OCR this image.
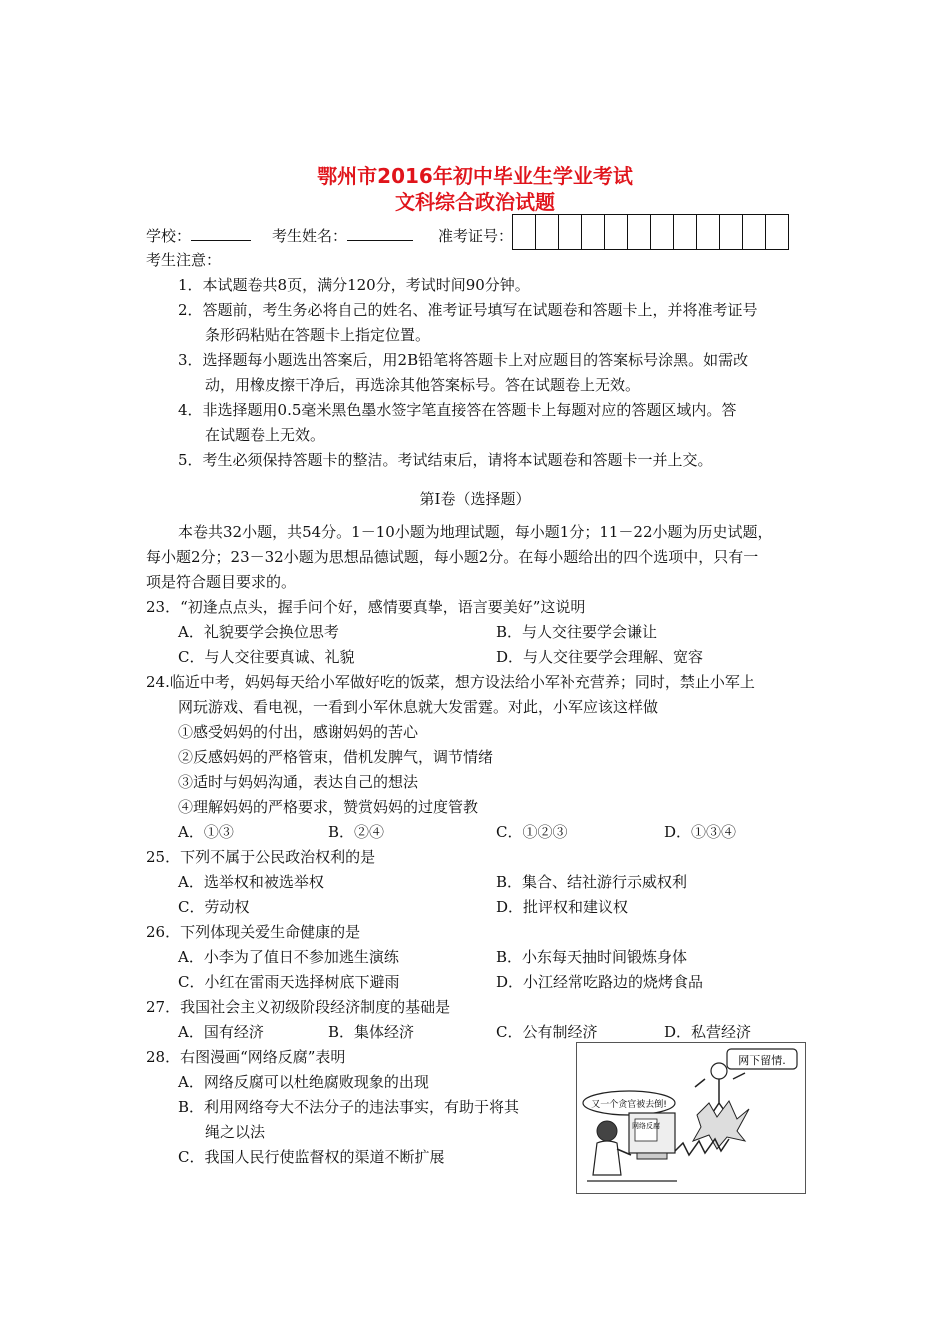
鄂州市2016年初中毕业生学业考试
文科综合政治试题
学校：	考生姓名：	准考证号：
考生注意：
1．本试题卷共8页，满分120分，考试时间90分钟。
2．答题前，考生务必将自己的姓名、准考证号填写在试题卷和答题卡上，并将准考证号
条形码粘贴在答题卡上指定位置。
3．选择题每小题选出答案后，用2B铅笔将答题卡上对应题目的答案标号涂黑。如需改
动，用橡皮擦干净后，再选涂其他答案标号。答在试题卷上无效。
4．非选择题用0.5毫米黑色墨水签字笔直接答在答题卡上每题对应的答题区域内。答
在试题卷上无效。
5．考生必须保持答题卡的整洁。考试结束后，请将本试题卷和答题卡一并上交。
第Ⅰ卷（选择题）
本卷共32小题，共54分。1－10小题为地理试题，每小题1分；11－22小题为历史试题，
每小题2分；23－32小题为思想品德试题，每小题2分。在每小题给出的四个选项中，只有一
项是符合题目要求的。
23．“初逢点点头，握手问个好，感情要真挚，语言要美好”这说明
A．礼貌要学会换位思考	B．与人交往要学会谦让
C．与人交往要真诚、礼貌	D．与人交往要学会理解、宽容
24.临近中考，妈妈每天给小军做好吃的饭菜，想方设法给小军补充营养；同时，禁止小军上
网玩游戏、看电视，一看到小军休息就大发雷霆。对此，小军应该这样做
①感受妈妈的付出，感谢妈妈的苦心
②反感妈妈的严格管束，借机发脾气，调节情绪
③适时与妈妈沟通，表达自己的想法
④理解妈妈的严格要求，赞赏妈妈的过度管教
A．①③	B．②④	C．①②③	D．①③④
25．下列不属于公民政治权利的是
A．选举权和被选举权	B．集合、结社游行示威权利
C．劳动权	D．批评权和建议权
26．下列体现关爱生命健康的是
A．小李为了值日不参加逃生演练	B．小东每天抽时间锻炼身体
C．小红在雷雨天选择树底下避雨	D．小江经常吃路边的烧烤食品
27．我国社会主义初级阶段经济制度的基础是
A．国有经济	B．集体经济	C．公有制经济	D．私营经济
28．右图漫画“网络反腐”表明
A．网络反腐可以杜绝腐败现象的出现
B．利用网络夸大不法分子的违法事实，有助于将其
绳之以法
C．我国人民行使监督权的渠道不断扩展
网下留情.
又一个贪官被去倒!
网络反腐
